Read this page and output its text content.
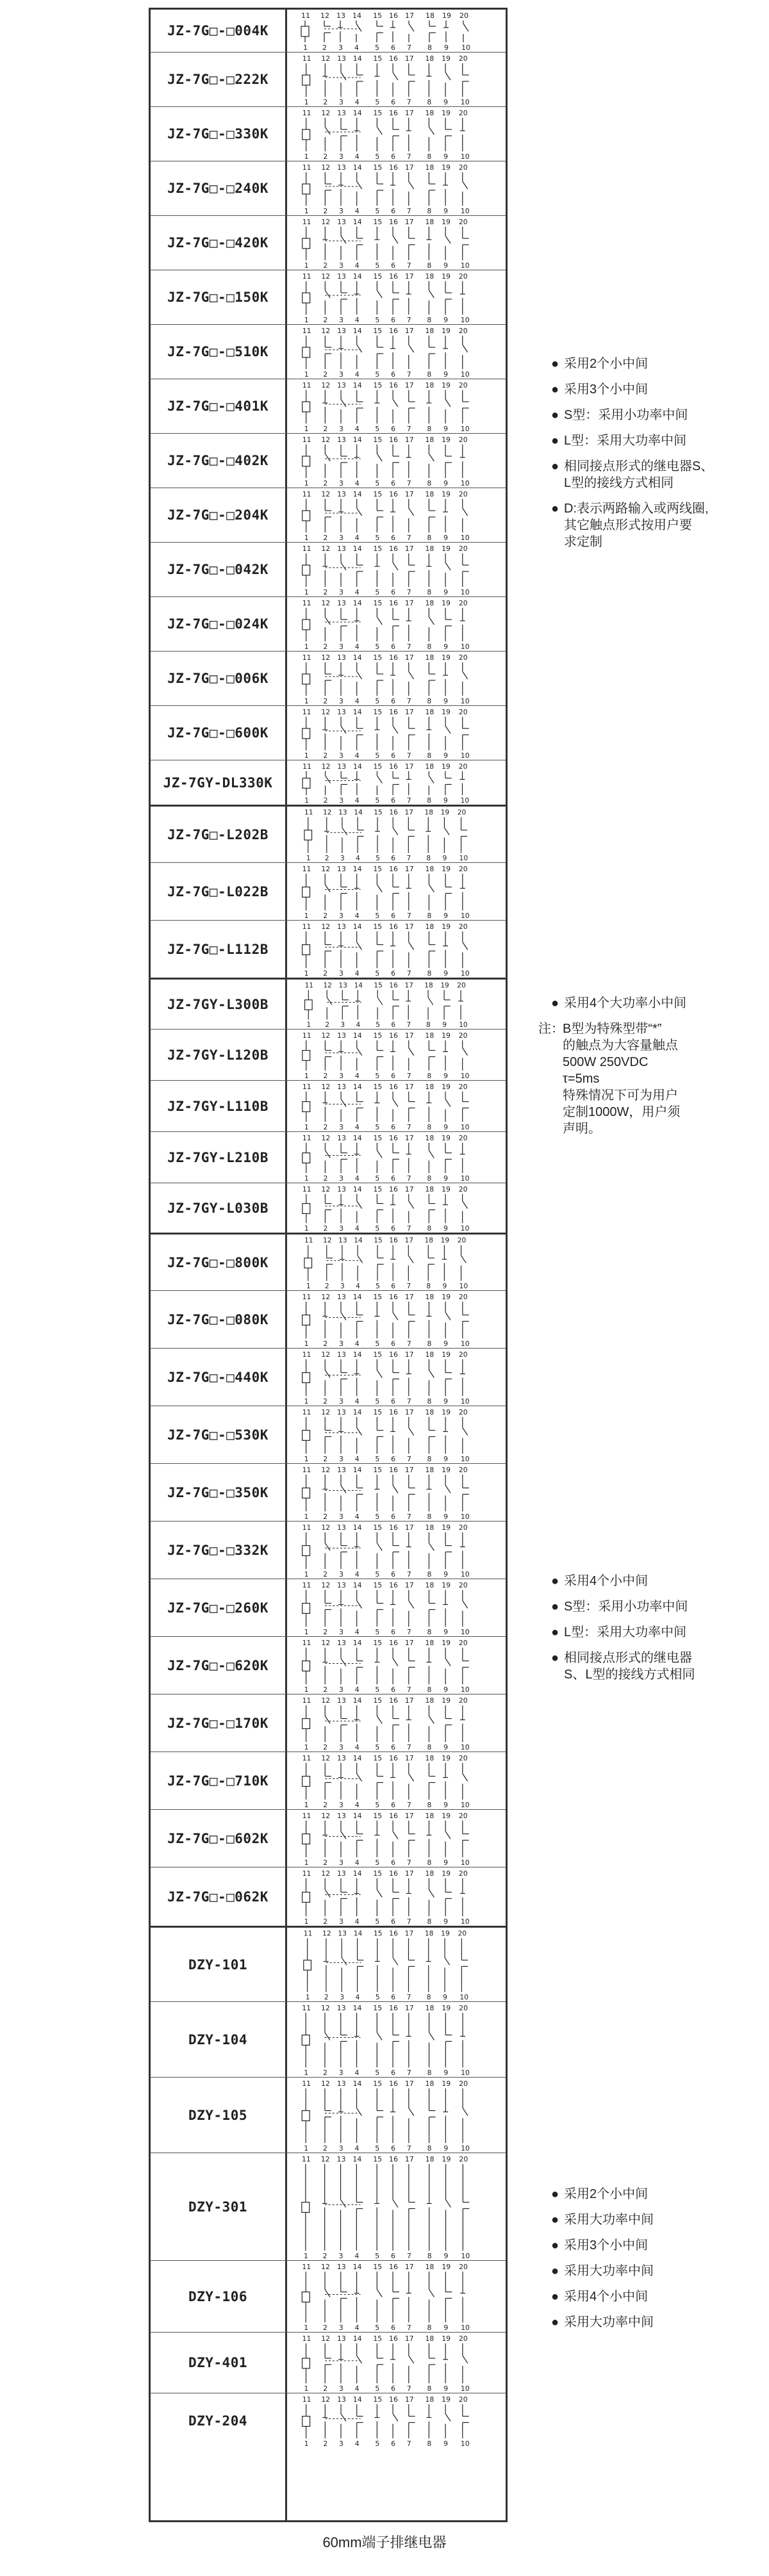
JZ-7G□-□004K
11 12 13 14 15 16 17 18 19 20
1 2 3 4 5 6 7 8 9 10
JZ-7G□-□222K
11 12 13 14 15 16 17 18 19 20
1 2 3 4 5 6 7 8 9 10
JZ-7G□-□330K
11 12 13 14 15 16 17 18 19 20
1 2 3 4 5 6 7 8 9 10
JZ-7G□-□240K
11 12 13 14 15 16 17 18 19 20
1 2 3 4 5 6 7 8 9 10
JZ-7G□-□420K
11 12 13 14 15 16 17 18 19 20
1 2 3 4 5 6 7 8 9 10
JZ-7G□-□150K
11 12 13 14 15 16 17 18 19 20
1 2 3 4 5 6 7 8 9 10
JZ-7G□-□510K
11 12 13 14 15 16 17 18 19 20
1 2 3 4 5 6 7 8 9 10
JZ-7G□-□401K
11 12 13 14 15 16 17 18 19 20
1 2 3 4 5 6 7 8 9 10
JZ-7G□-□402K
11 12 13 14 15 16 17 18 19 20
1 2 3 4 5 6 7 8 9 10
JZ-7G□-□204K
11 12 13 14 15 16 17 18 19 20
1 2 3 4 5 6 7 8 9 10
JZ-7G□-□042K
11 12 13 14 15 16 17 18 19 20
1 2 3 4 5 6 7 8 9 10
JZ-7G□-□024K
11 12 13 14 15 16 17 18 19 20
1 2 3 4 5 6 7 8 9 10
JZ-7G□-□006K
11 12 13 14 15 16 17 18 19 20
1 2 3 4 5 6 7 8 9 10
JZ-7G□-□600K
11 12 13 14 15 16 17 18 19 20
1 2 3 4 5 6 7 8 9 10
JZ-7GY-DL330K
11 12 13 14 15 16 17 18 19 20
1 2 3 4 5 6 7 8 9 10
JZ-7G□-L202B
11 12 13 14 15 16 17 18 19 20
1 2 3 4 5 6 7 8 9 10
JZ-7G□-L022B
11 12 13 14 15 16 17 18 19 20
1 2 3 4 5 6 7 8 9 10
JZ-7G□-L112B
11 12 13 14 15 16 17 18 19 20
1 2 3 4 5 6 7 8 9 10
JZ-7GY-L300B
11 12 13 14 15 16 17 18 19 20
1 2 3 4 5 6 7 8 9 10
JZ-7GY-L120B
11 12 13 14 15 16 17 18 19 20
1 2 3 4 5 6 7 8 9 10
JZ-7GY-L110B
11 12 13 14 15 16 17 18 19 20
1 2 3 4 5 6 7 8 9 10
JZ-7GY-L210B
11 12 13 14 15 16 17 18 19 20
1 2 3 4 5 6 7 8 9 10
JZ-7GY-L030B
11 12 13 14 15 16 17 18 19 20
1 2 3 4 5 6 7 8 9 10
JZ-7G□-□800K
11 12 13 14 15 16 17 18 19 20
1 2 3 4 5 6 7 8 9 10
JZ-7G□-□080K
11 12 13 14 15 16 17 18 19 20
1 2 3 4 5 6 7 8 9 10
JZ-7G□-□440K
11 12 13 14 15 16 17 18 19 20
1 2 3 4 5 6 7 8 9 10
JZ-7G□-□530K
11 12 13 14 15 16 17 18 19 20
1 2 3 4 5 6 7 8 9 10
JZ-7G□-□350K
11 12 13 14 15 16 17 18 19 20
1 2 3 4 5 6 7 8 9 10
JZ-7G□-□332K
11 12 13 14 15 16 17 18 19 20
1 2 3 4 5 6 7 8 9 10
JZ-7G□-□260K
11 12 13 14 15 16 17 18 19 20
1 2 3 4 5 6 7 8 9 10
JZ-7G□-□620K
11 12 13 14 15 16 17 18 19 20
1 2 3 4 5 6 7 8 9 10
JZ-7G□-□170K
11 12 13 14 15 16 17 18 19 20
1 2 3 4 5 6 7 8 9 10
JZ-7G□-□710K
11 12 13 14 15 16 17 18 19 20
1 2 3 4 5 6 7 8 9 10
JZ-7G□-□602K
11 12 13 14 15 16 17 18 19 20
1 2 3 4 5 6 7 8 9 10
JZ-7G□-□062K
11 12 13 14 15 16 17 18 19 20
1 2 3 4 5 6 7 8 9 10
DZY-101
11 12 13 14 15 16 17 18 19 20
1 2 3 4 5 6 7 8 9 10
DZY-104
11 12 13 14 15 16 17 18 19 20
1 2 3 4 5 6 7 8 9 10
DZY-105
11 12 13 14 15 16 17 18 19 20
1 2 3 4 5 6 7 8 9 10
DZY-301
11 12 13 14 15 16 17 18 19 20
1 2 3 4 5 6 7 8 9 10
DZY-106
11 12 13 14 15 16 17 18 19 20
1 2 3 4 5 6 7 8 9 10
DZY-401
11 12 13 14 15 16 17 18 19 20
1 2 3 4 5 6 7 8 9 10
DZY-204
11 12 13 14 15 16 17 18 19 20
1 2 3 4 5 6 7 8 9 10
● 采用2个小中间
● 采用3个小中间
● S型：采用小功率中间
● L型：采用大功率中间
● 相同接点形式的继电器S、
L型的接线方式相同
● D:表示两路输入或两线圈,
其它触点形式按用户要
求定制
● 采用4个大功率小中间
注：
B型为特殊型带“*”
的触点为大容量触点
500W 250VDC
τ=5ms
特殊情况下可为用户
定制1000W，用户须
声明。
● 采用4个小中间
● S型：采用小功率中间
● L型：采用大功率中间
● 相同接点形式的继电器
S、L型的接线方式相同
● 采用2个小中间
● 采用大功率中间
● 采用3个小中间
● 采用大功率中间
● 采用4个小中间
● 采用大功率中间
60mm端子排继电器
